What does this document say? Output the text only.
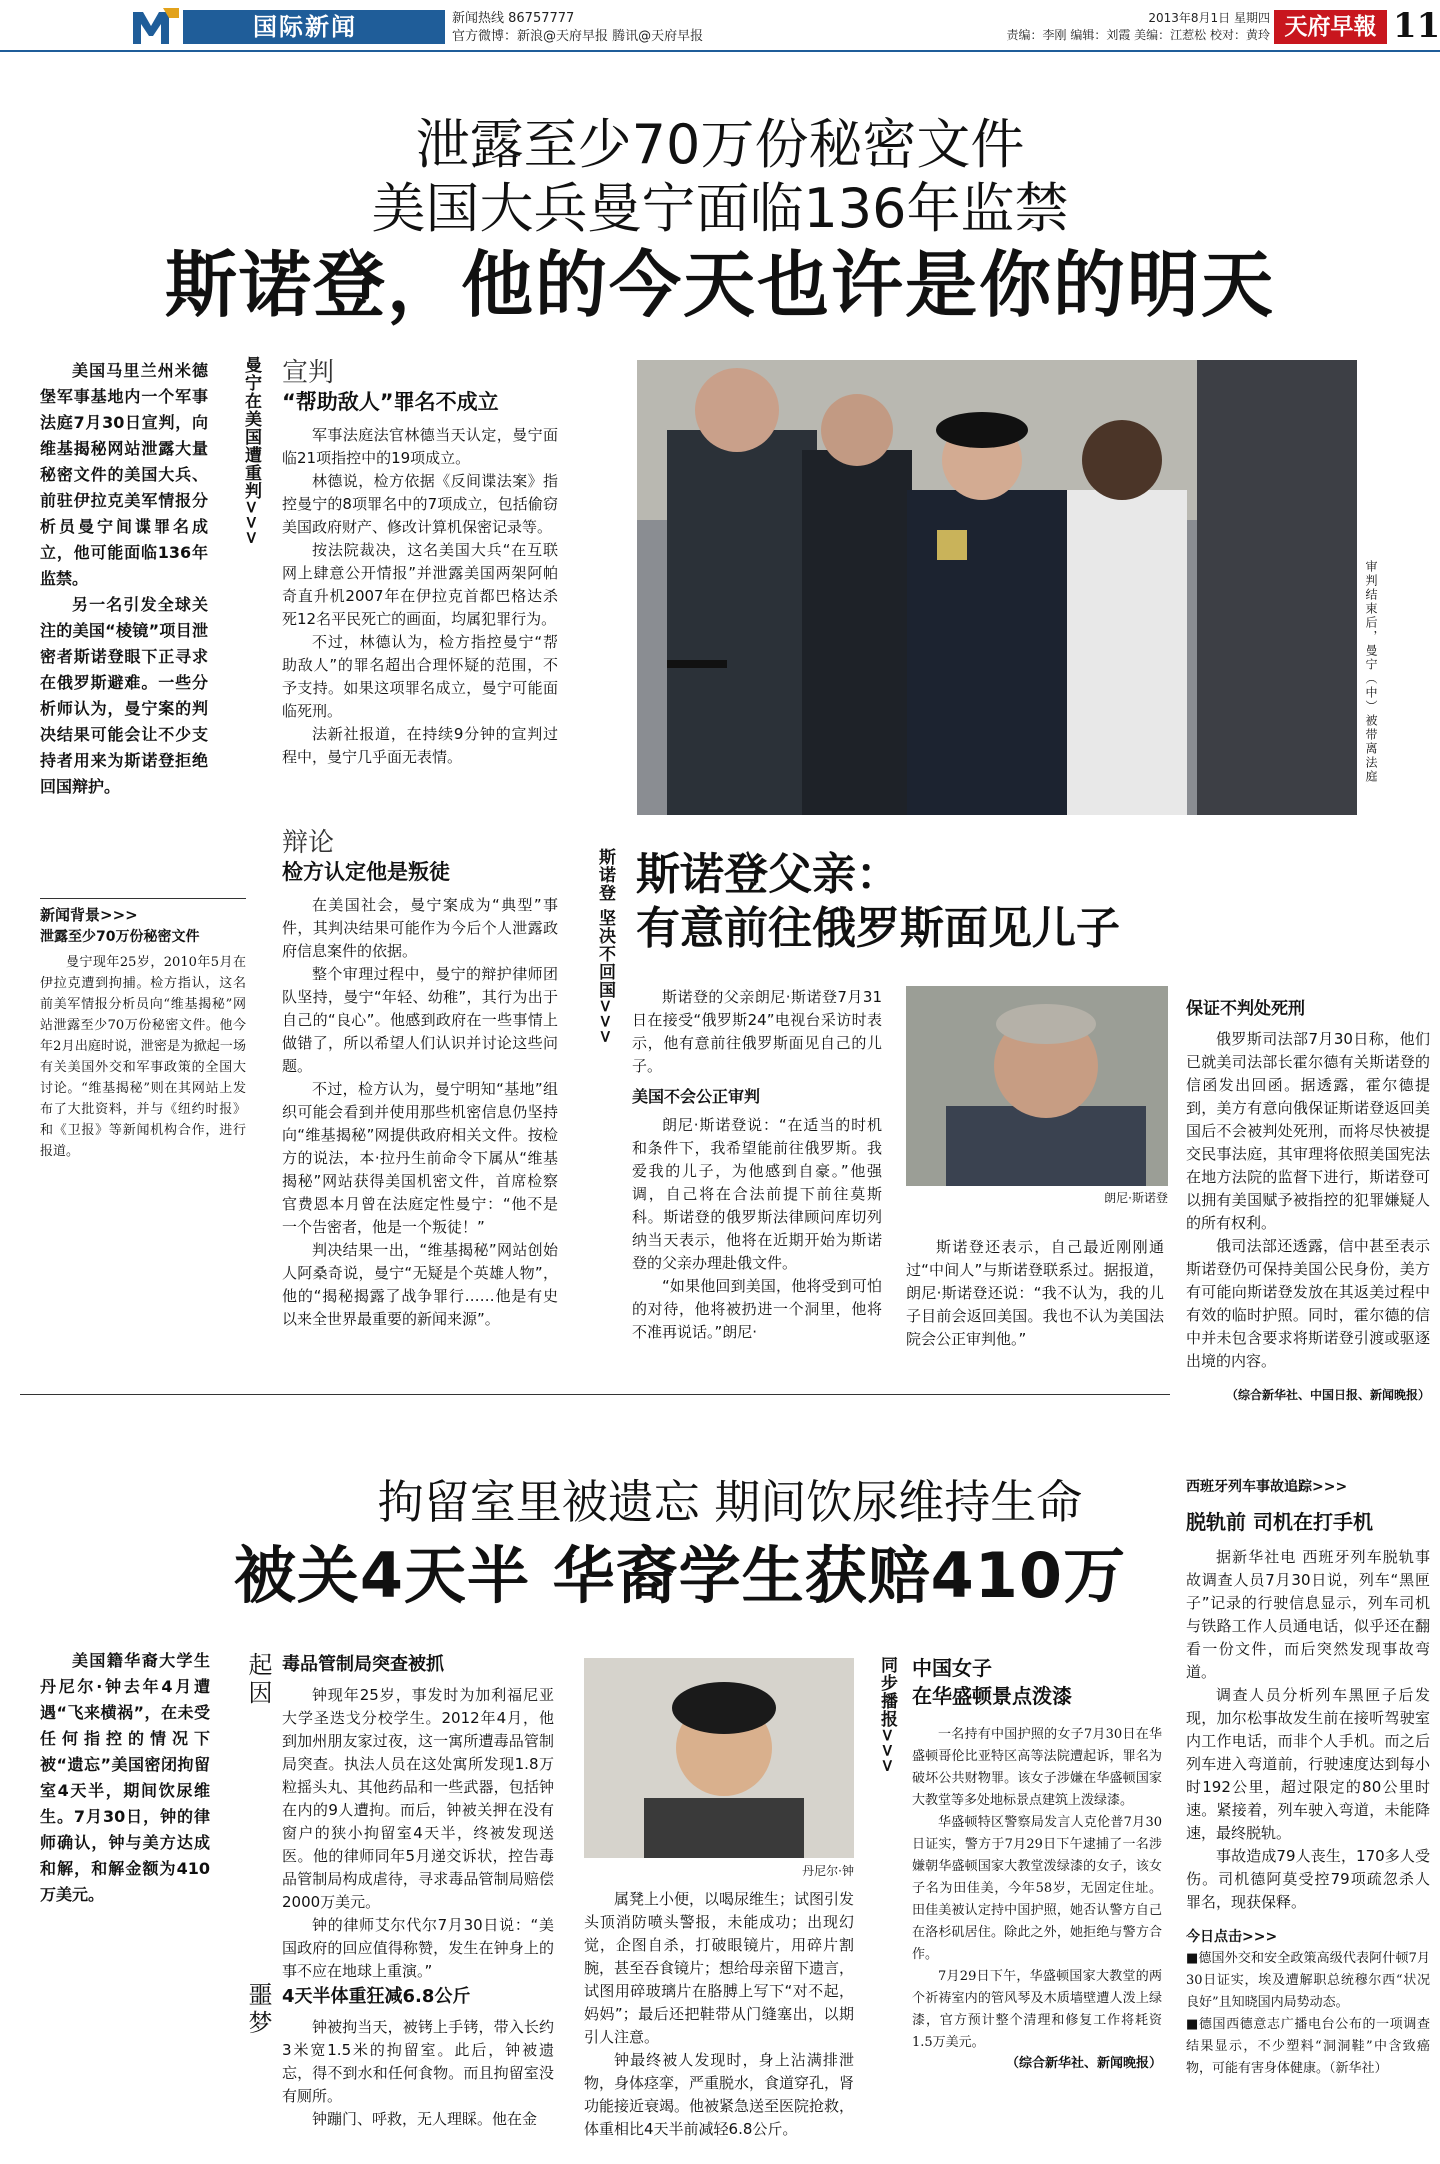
国际新闻	新闻热线 86757777
官方微博：新浪@天府早报 腾讯@天府早报
2013年8月1日 星期四
责编：李刚 编辑：刘霞 美编：江惹松 校对：黄玲 天府早報 11
泄露至少70万份秘密文件
美国大兵曼宁面临136年监禁
斯诺登，他的今天也许是你的明天
美国马里兰州米德堡军事基地内一个军事法庭7月30日宣判，向维基揭秘网站泄露大量秘密文件的美国大兵、前驻伊拉克美军情报分析员曼宁间谍罪名成立，他可能面临136年监禁。
另一名引发全球关注的美国“棱镜”项目泄密者斯诺登眼下正寻求在俄罗斯避难。一些分析师认为，曼宁案的判决结果可能会让不少支持者用来为斯诺登拒绝回国辩护。
曼宁在美国遭重判>>> 宣判
“帮助敌人”罪名不成立

军事法庭法官林德当天认定，曼宁面临21项指控中的19项成立。

林德说，检方依据《反间谍法案》指控曼宁的8项罪名中的7项成立，包括偷窃美国政府财产、修改计算机保密记录等。

按法院裁决，这名美国大兵“在互联网上肆意公开情报”并泄露美国两架阿帕奇直升机2007年在伊拉克首都巴格达杀死12名平民死亡的画面，均属犯罪行为。

不过，林德认为，检方指控曼宁“帮助敌人”的罪名超出合理怀疑的范围，不予支持。如果这项罪名成立，曼宁可能面临死刑。

法新社报道，在持续9分钟的宣判过程中，曼宁几乎面无表情。	审判结束后，曼宁（中）被带离法庭
新闻背景>>>
泄露至少70万份秘密文件
曼宁现年25岁，2010年5月在伊拉克遭到拘捕。检方指认，这名前美军情报分析员向“维基揭秘”网站泄露至少70万份秘密文件。他今年2月出庭时说，泄密是为掀起一场有关美国外交和军事政策的全国大讨论。“维基揭秘”则在其网站上发布了大批资料，并与《纽约时报》和《卫报》等新闻机构合作，进行报道。
辩论
检方认定他是叛徒

在美国社会，曼宁案成为“典型”事件，其判决结果可能作为今后个人泄露政府信息案件的依据。

整个审理过程中，曼宁的辩护律师团队坚持，曼宁“年轻、幼稚”，其行为出于自己的“良心”。他感到政府在一些事情上做错了，所以希望人们认识并讨论这些问题。

不过，检方认为，曼宁明知“基地”组织可能会看到并使用那些机密信息仍坚持向“维基揭秘”网提供政府相关文件。按检方的说法，本·拉丹生前命令下属从“维基揭秘”网站获得美国机密文件，首席检察官费恩本月曾在法庭定性曼宁：“他不是一个告密者，他是一个叛徒！”

判决结果一出，“维基揭秘”网站创始人阿桑奇说，曼宁“无疑是个英雄人物”，他的“揭秘揭露了战争罪行……他是有史以来全世界最重要的新闻来源”。

斯诺登 坚决不回国>>> 斯诺登父亲：
有意前往俄罗斯面见儿子
斯诺登的父亲朗尼·斯诺登7月31日在接受“俄罗斯24”电视台采访时表示，他有意前往俄罗斯面见自己的儿子。
美国不会公正审判

朗尼·斯诺登说：“在适当的时机和条件下，我希望能前往俄罗斯。我爱我的儿子，为他感到自豪。”他强调，自己将在合法前提下前往莫斯科。斯诺登的俄罗斯法律顾问库切列纳当天表示，他将在近期开始为斯诺登的父亲办理赴俄文件。

“如果他回到美国，他将受到可怕的对待，他将被扔进一个洞里，他将不准再说话。”朗尼·

朗尼·斯诺登
斯诺登还表示，自己最近刚刚通过“中间人”与斯诺登联系过。据报道，朗尼·斯诺登还说：“我不认为，我的儿子目前会返回美国。我也不认为美国法院会公正审判他。”
保证不判处死刑

俄罗斯司法部7月30日称，他们已就美司法部长霍尔德有关斯诺登的信函发出回函。据透露，霍尔德提到，美方有意向俄保证斯诺登返回美国后不会被判处死刑，而将尽快被提交民事法庭，其审理将依照美国宪法在地方法院的监督下进行，斯诺登可以拥有美国赋予被指控的犯罪嫌疑人的所有权利。

俄司法部还透露，信中甚至表示斯诺登仍可保持美国公民身份，美方有可能向斯诺登发放在其返美过程中有效的临时护照。同时，霍尔德的信中并未包含要求将斯诺登引渡或驱逐出境的内容。

（综合新华社、中国日报、新闻晚报）
拘留室里被遗忘 期间饮尿维持生命
被关4天半 华裔学生获赔410万
美国籍华裔大学生丹尼尔·钟去年4月遭遇“飞来横祸”，在未受任何指控的情况下被“遗忘”美国密闭拘留室4天半，期间饮尿维生。7月30日，钟的律师确认，钟与美方达成和解，和解金额为410万美元。
起因 毒品管制局突查被抓

钟现年25岁，事发时为加利福尼亚大学圣迭戈分校学生。2012年4月，他到加州朋友家过夜，这一寓所遭毒品管制局突查。执法人员在这处寓所发现1.8万粒摇头丸、其他药品和一些武器，包括钟在内的9人遭拘。而后，钟被关押在没有窗户的狭小拘留室4天半，终被发现送医。他的律师同年5月递交诉状，控告毒品管制局构成虐待，寻求毒品管制局赔偿2000万美元。

钟的律师艾尔代尔7月30日说：“美国政府的回应值得称赞，发生在钟身上的事不应在地球上重演。”

噩梦 4天半体重狂减6.8公斤

钟被拘当天，被铐上手铐，带入长约3米宽1.5米的拘留室。此后，钟被遗忘，得不到水和任何食物。而且拘留室没有厕所。

钟蹦门、呼救，无人理睬。他在金

丹尼尔·钟

属凳上小便，以喝尿维生；试图引发头顶消防喷头警报，未能成功；出现幻觉，企图自杀，打破眼镜片，用碎片割腕，甚至吞食镜片；想给母亲留下遗言，试图用碎玻璃片在胳膊上写下“对不起，妈妈”；最后还把鞋带从门缝塞出，以期引人注意。

钟最终被人发现时，身上沾满排泄物，身体痉挛，严重脱水，食道穿孔，肾功能接近衰竭。他被紧急送至医院抢救，体重相比4天半前减轻6.8公斤。

同步播报>>> 中国女子
在华盛顿景点泼漆

一名持有中国护照的女子7月30日在华盛顿哥伦比亚特区高等法院遭起诉，罪名为破坏公共财物罪。该女子涉嫌在华盛顿国家大教堂等多处地标景点建筑上泼绿漆。

华盛顿特区警察局发言人克伦普7月30日证实，警方于7月29日下午逮捕了一名涉嫌朝华盛顿国家大教堂泼绿漆的女子，该女子名为田佳美，今年58岁，无固定住址。田佳美被认定持中国护照，她否认警方自己在洛杉矶居住。除此之外，她拒绝与警方合作。

7月29日下午，华盛顿国家大教堂的两个祈祷室内的管风琴及木质墙壁遭人泼上绿漆，官方预计整个清理和修复工作将耗资1.5万美元。

（综合新华社、新闻晚报）
西班牙列车事故追踪>>>
脱轨前 司机在打手机

据新华社电 西班牙列车脱轨事故调查人员7月30日说，列车“黑匣子”记录的行驶信息显示，列车司机与铁路工作人员通电话，似乎还在翻看一份文件，而后突然发现事故弯道。

调查人员分析列车黑匣子后发现，加尔松事故发生前在接听驾驶室内工作电话，而非个人手机。而之后列车进入弯道前，行驶速度达到每小时192公里，超过限定的80公里时速。紧接着，列车驶入弯道，未能降速，最终脱轨。

事故造成79人丧生，170多人受伤。司机德阿莫受控79项疏忽杀人罪名，现获保释。

今日点击>>>

■德国外交和安全政策高级代表阿什顿7月30日证实，埃及遭解职总统穆尔西“状况良好”且知晓国内局势动态。

■德国西德意志广播电台公布的一项调查结果显示，不少塑料“洞洞鞋”中含致癌物，可能有害身体健康。（新华社）
